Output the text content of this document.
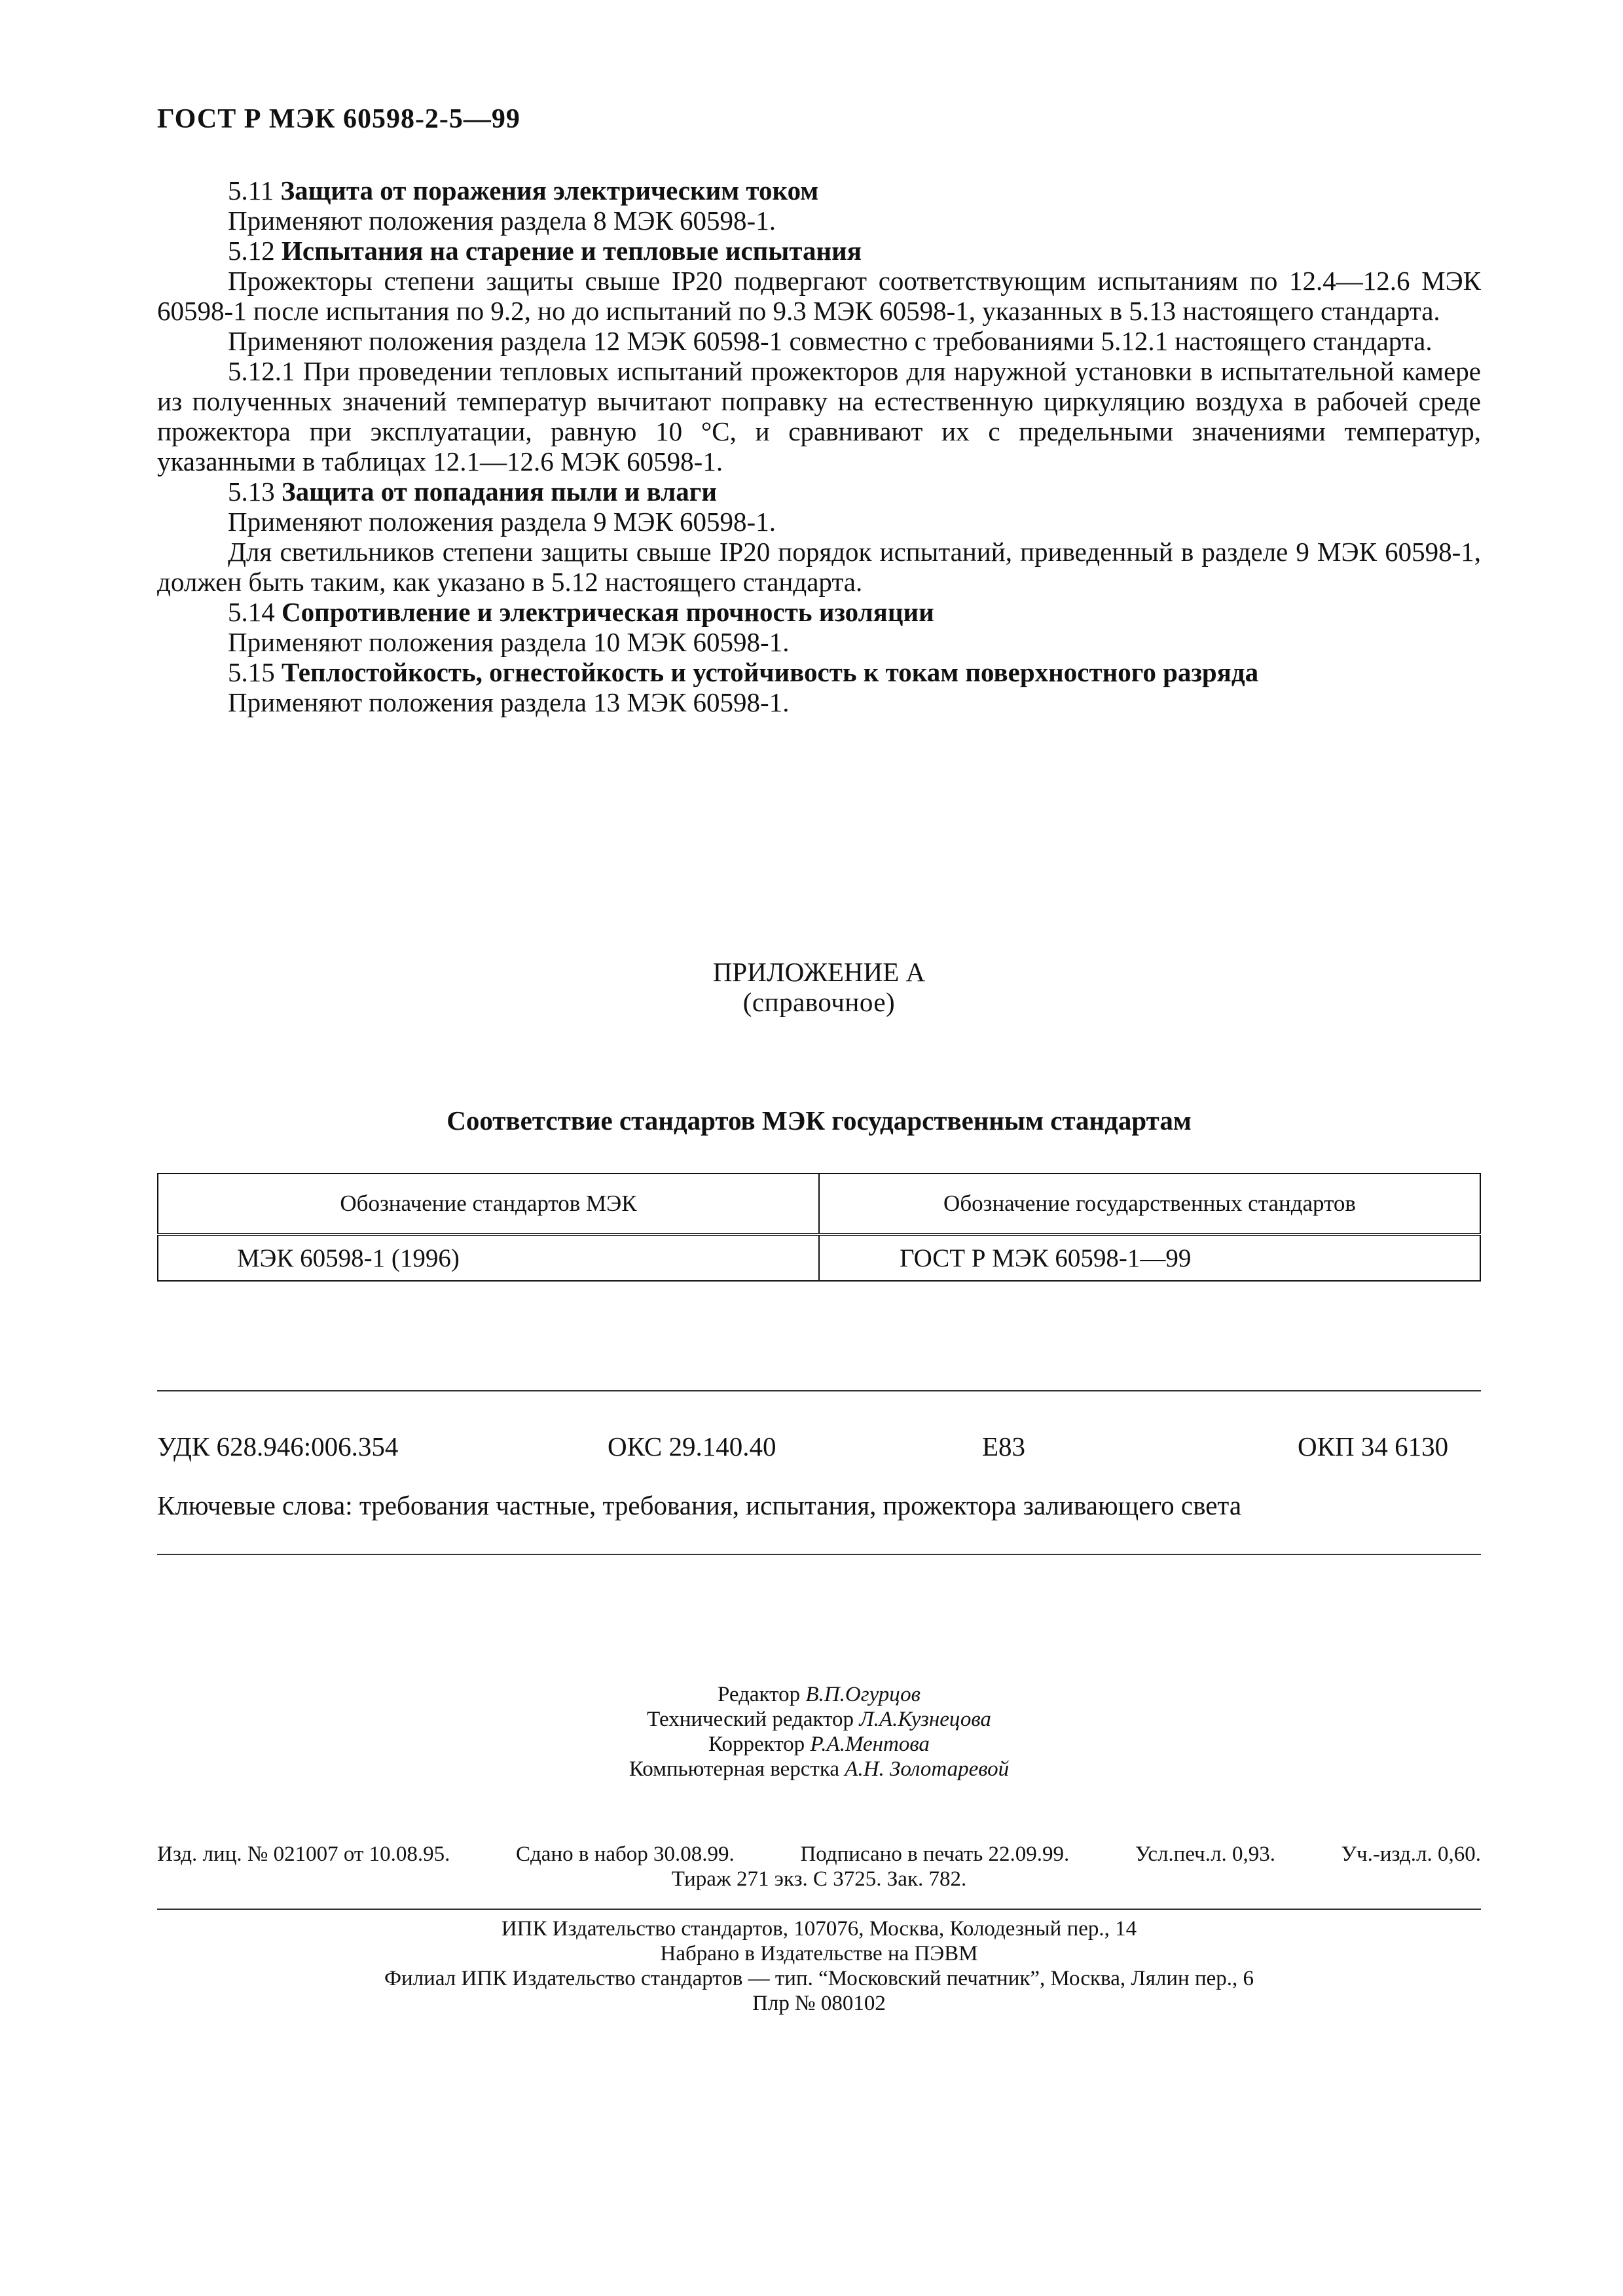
ГОСТ Р МЭК 60598-2-5—99

5.11 Защита от поражения электрическим током

Применяют положения раздела 8 МЭК 60598-1.

5.12 Испытания на старение и тепловые испытания

Прожекторы степени защиты свыше IP20 подвергают соответствующим испытаниям по 12.4—12.6 МЭК 60598-1 после испытания по 9.2, но до испытаний по 9.3 МЭК 60598-1, указанных в 5.13 настоящего стандарта.

Применяют положения раздела 12 МЭК 60598-1 совместно с требованиями 5.12.1 настоящего стандарта.

5.12.1 При проведении тепловых испытаний прожекторов для наружной установки в испытательной камере из полученных значений температур вычитают поправку на естественную циркуляцию воздуха в рабочей среде прожектора при эксплуатации, равную 10 °С, и сравнивают их с предельными значениями температур, указанными в таблицах 12.1—12.6 МЭК 60598-1.

5.13 Защита от попадания пыли и влаги

Применяют положения раздела 9 МЭК 60598-1.

Для светильников степени защиты свыше IP20 порядок испытаний, приведенный в разделе 9 МЭК 60598-1, должен быть таким, как указано в 5.12 настоящего стандарта.

5.14 Сопротивление и электрическая прочность изоляции

Применяют положения раздела 10 МЭК 60598-1.

5.15 Теплостойкость, огнестойкость и устойчивость к токам поверхностного разряда

Применяют положения раздела 13 МЭК 60598-1.

ПРИЛОЖЕНИЕ А
(справочное)
Соответствие стандартов МЭК государственным стандартам
Обозначение стандартов МЭК	Обозначение государственных стандартов
МЭК 60598-1 (1996)	ГОСТ Р МЭК 60598-1—99
УДК 628.946:006.354	ОКС 29.140.40	Е83	ОКП 34 6130
Ключевые слова: требования частные, требования, испытания, прожектора заливающего света
Редактор В.П.Огурцов
Технический редактор Л.А.Кузнецова
Корректор Р.А.Ментова
Компьютерная верстка А.Н. Золотаревой
Изд. лиц. № 021007 от 10.08.95.	Сдано в набор 30.08.99.	Подписано в печать 22.09.99.	Усл.печ.л. 0,93.	Уч.-изд.л. 0,60.
Тираж 271 экз. С 3725. Зак. 782.
ИПК Издательство стандартов, 107076, Москва, Колодезный пер., 14
Набрано в Издательстве на ПЭВМ
Филиал ИПК Издательство стандартов — тип. “Московский печатник”, Москва, Лялин пер., 6
Плр № 080102
